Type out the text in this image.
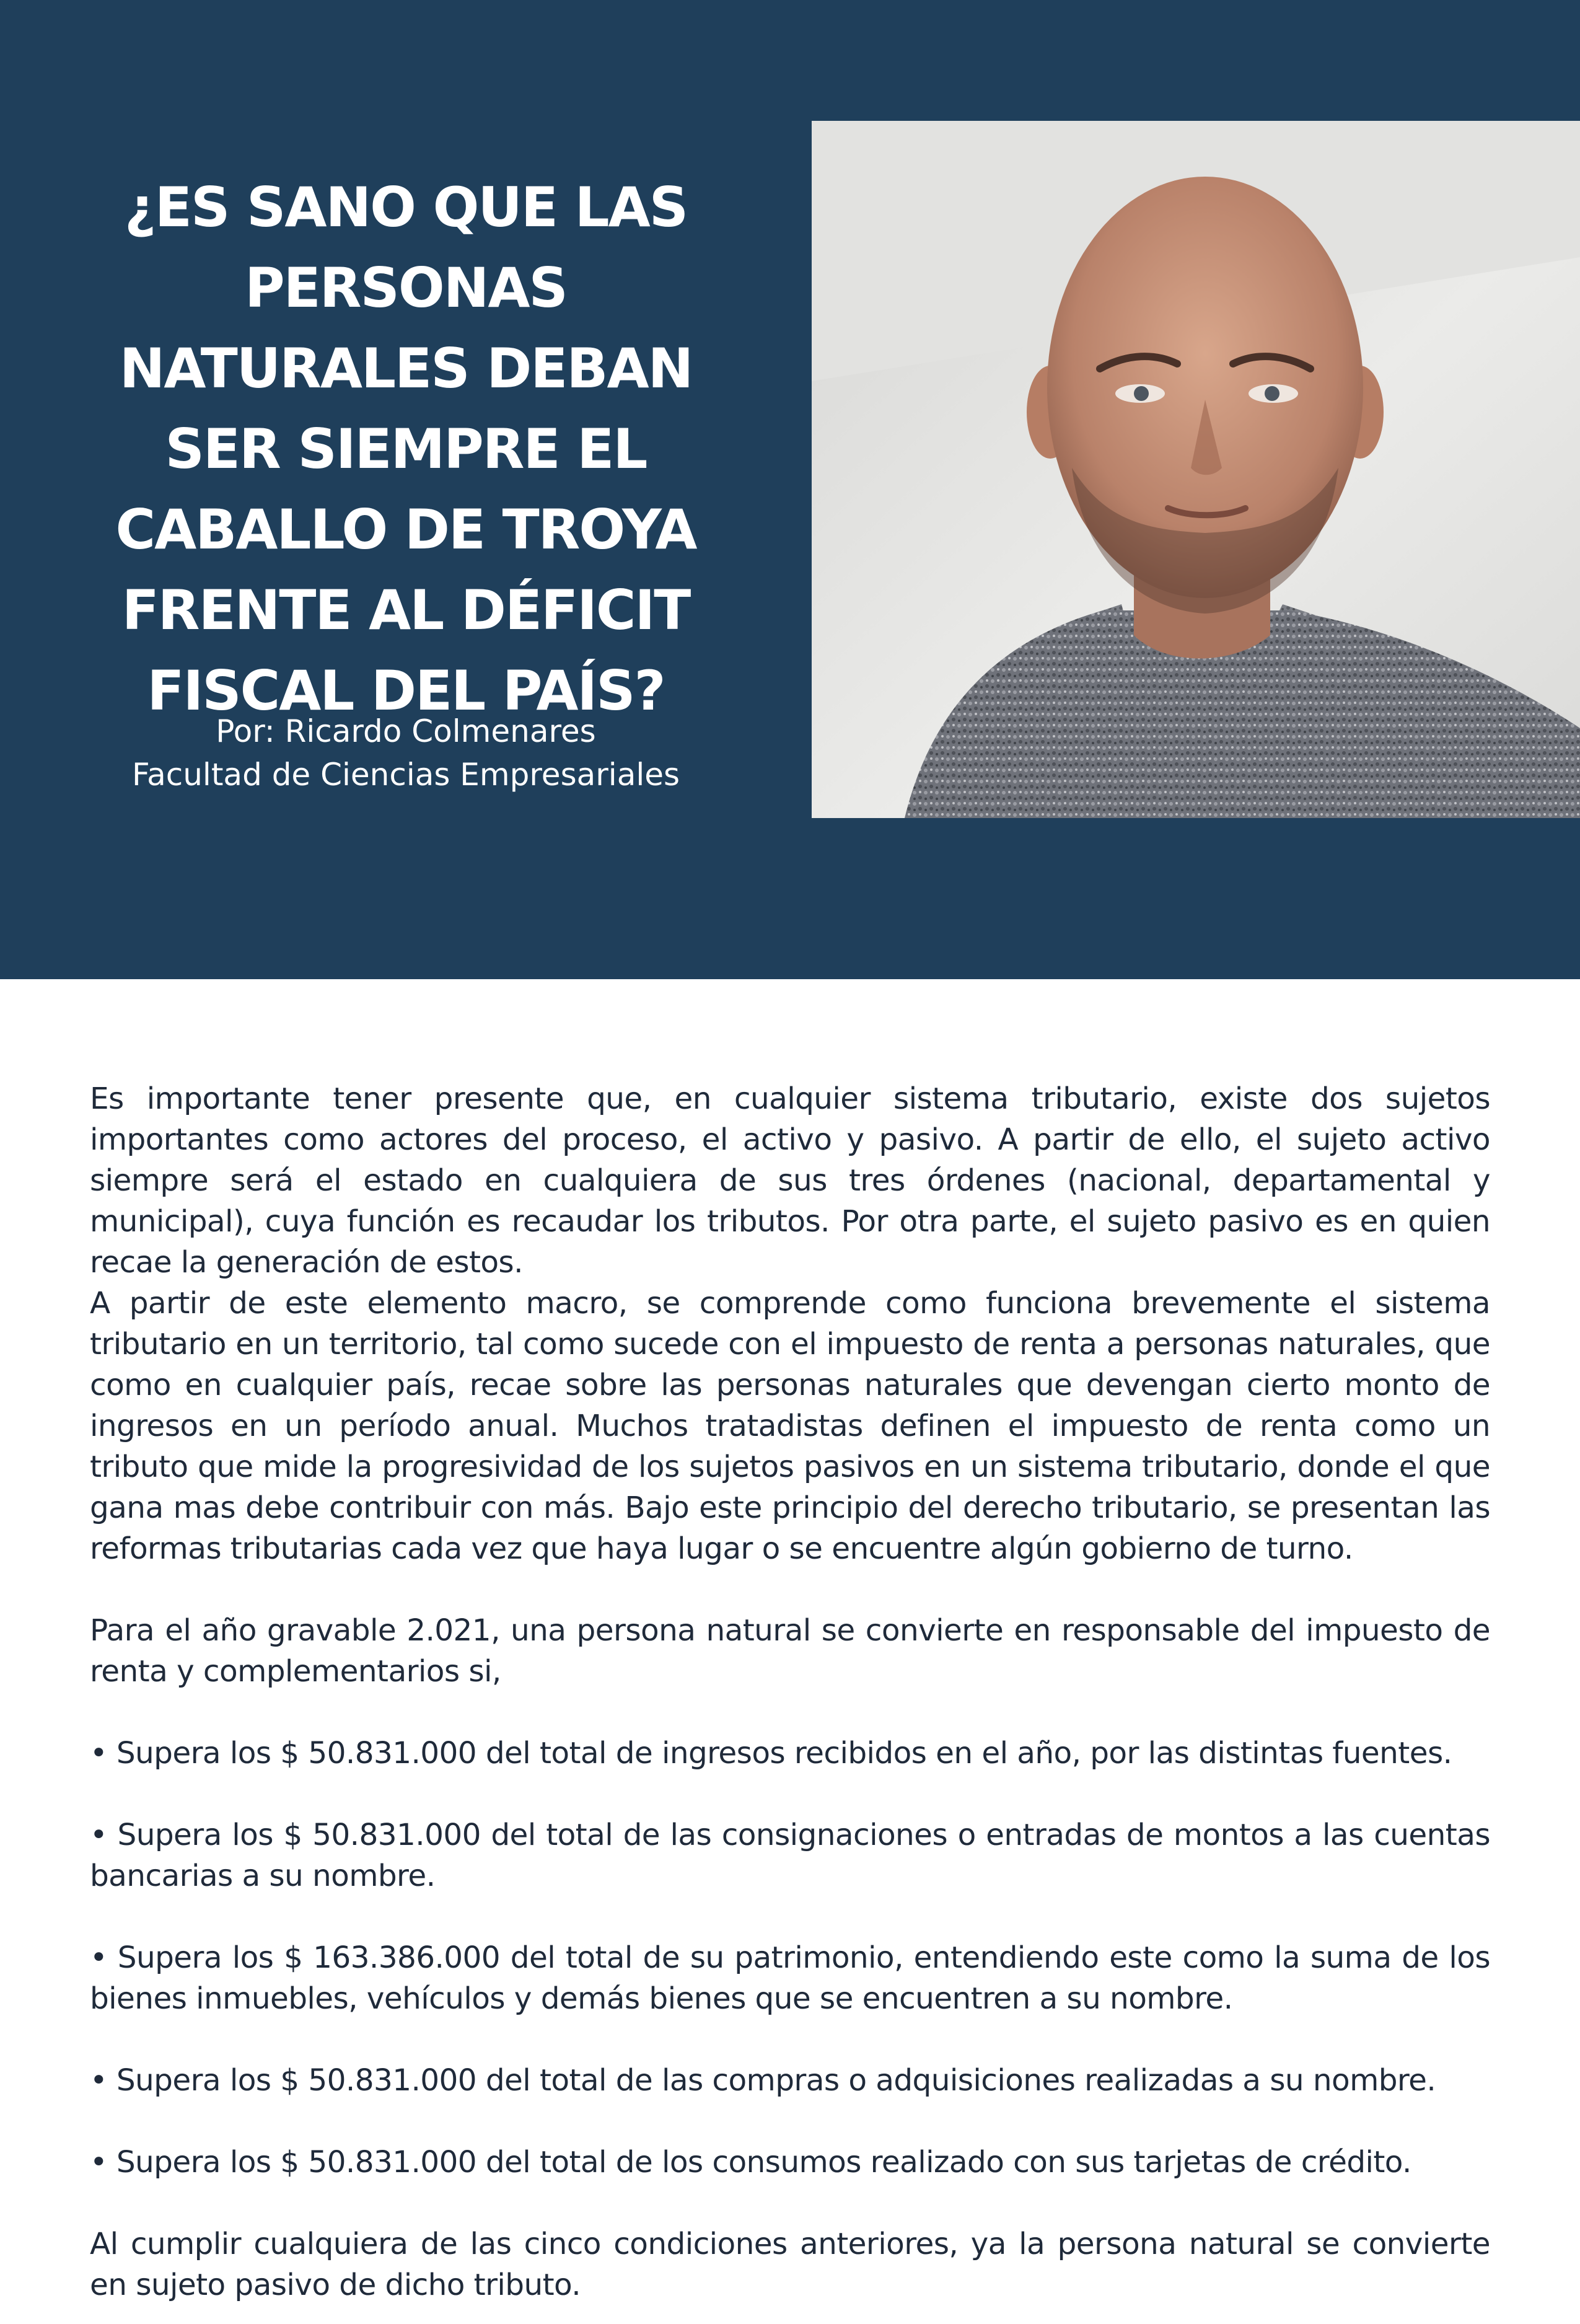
¿ES SANO QUE LAS PERSONAS NATURALES DEBAN SER SIEMPRE EL CABALLO DE TROYA FRENTE AL DÉFICIT FISCAL DEL PAÍS?
Por: Ricardo Colmenares
Facultad de Ciencias Empresariales

Es importante tener presente que, en cualquier sistema tributario, existe dos sujetos importantes como actores del proceso, el activo y pasivo. A partir de ello, el sujeto activo siempre será el estado en cualquiera de sus tres órdenes (nacional, departamental y municipal), cuya función es recaudar los tributos. Por otra parte, el sujeto pasivo es en quien recae la generación de estos.

A partir de este elemento macro, se comprende como funciona brevemente el sistema tributario en un territorio, tal como sucede con el impuesto de renta a personas naturales, que como en cualquier país, recae sobre las personas naturales que devengan cierto monto de ingresos en un período anual. Muchos tratadistas definen el impuesto de renta como un tributo que mide la progresividad de los sujetos pasivos en un sistema tributario, donde el que gana mas debe contribuir con más. Bajo este principio del derecho tributario, se presentan las reformas tributarias cada vez que haya lugar o se encuentre algún gobierno de turno.

Para el año gravable 2.021, una persona natural se convierte en responsable del impuesto de renta y complementarios si,

• Supera los $ 50.831.000 del total de ingresos recibidos en el año, por las distintas fuentes.

• Supera los $ 50.831.000 del total de las consignaciones o entradas de montos a las cuentas bancarias a su nombre.

• Supera los $ 163.386.000 del total de su patrimonio, entendiendo este como la suma de los bienes inmuebles, vehículos y demás bienes que se encuentren a su nombre.

• Supera los $ 50.831.000 del total de las compras o adquisiciones realizadas a su nombre.

• Supera los $ 50.831.000 del total de los consumos realizado con sus tarjetas de crédito.

Al cumplir cualquiera de las cinco condiciones anteriores, ya la persona natural se convierte en sujeto pasivo de dicho tributo.
